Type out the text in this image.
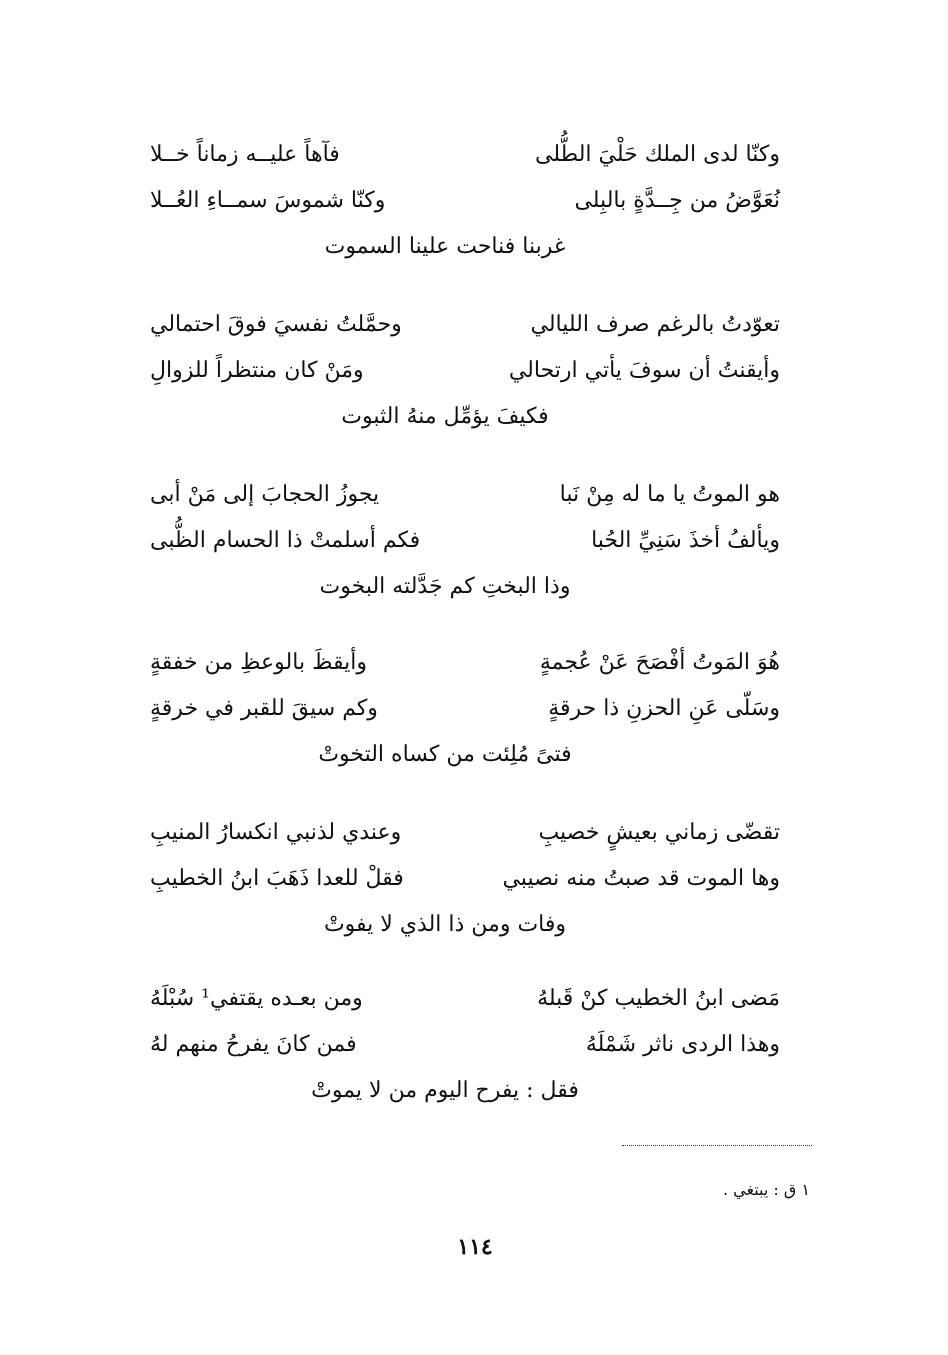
وكنّا لدى الملك حَلْيَ الطُّلى
فآهاً عليــه زماناً خــلا
نُعَوَّضُ من جِــدَّةٍ بالبِلى
وكنّا شموسَ سمــاءِ العُــلا
غربنا فناحت علينا السموت
تعوّدتُ بالرغم صرف الليالي
وحمَّلتُ نفسيَ فوقَ احتمالي
وأيقنتُ أن سوفَ يأتي ارتحالي
ومَنْ كان منتظراً للزوالِ
فكيفَ يؤمِّل منهُ الثبوت
هو الموتُ يا ما له مِنْ نَبا
يجوزُ الحجابَ إلى مَنْ أبى
ويألفُ أخذَ سَنِيِّ الحُبا
فكم أسلمتْ ذا الحسام الظُّبى
وذا البختِ كم جَدَّلته البخوت
هُوَ المَوتُ أفْصَحَ عَنْ عُجمةٍ
وأيقظَ بالوعظِ من خفقةٍ
وسَلّى عَنِ الحزنِ ذا حرقةٍ
وكم سيقَ للقبر في خرقةٍ
فتىً مُلِئت من كساه التخوتْ
تقضّى زماني بعيشٍ خصيبِ
وعندي لذنبي انكسارُ المنيبِ
وها الموت قد صبتُ منه نصيبي
فقلْ للعدا ذَهَبَ ابنُ الخطيبِ
وفات ومن ذا الذي لا يفوتْ
مَضى ابنُ الخطيب كنْ قَبلهُ
ومن بعـده يقتفي¹ سُبْلَهُ
وهذا الردى ناثر شَمْلَهُ
فمن كانَ يفرحُ منهم لهُ
فقل : يفرح اليوم من لا يموتْ
١ ق : يبتغي .
١١٤
